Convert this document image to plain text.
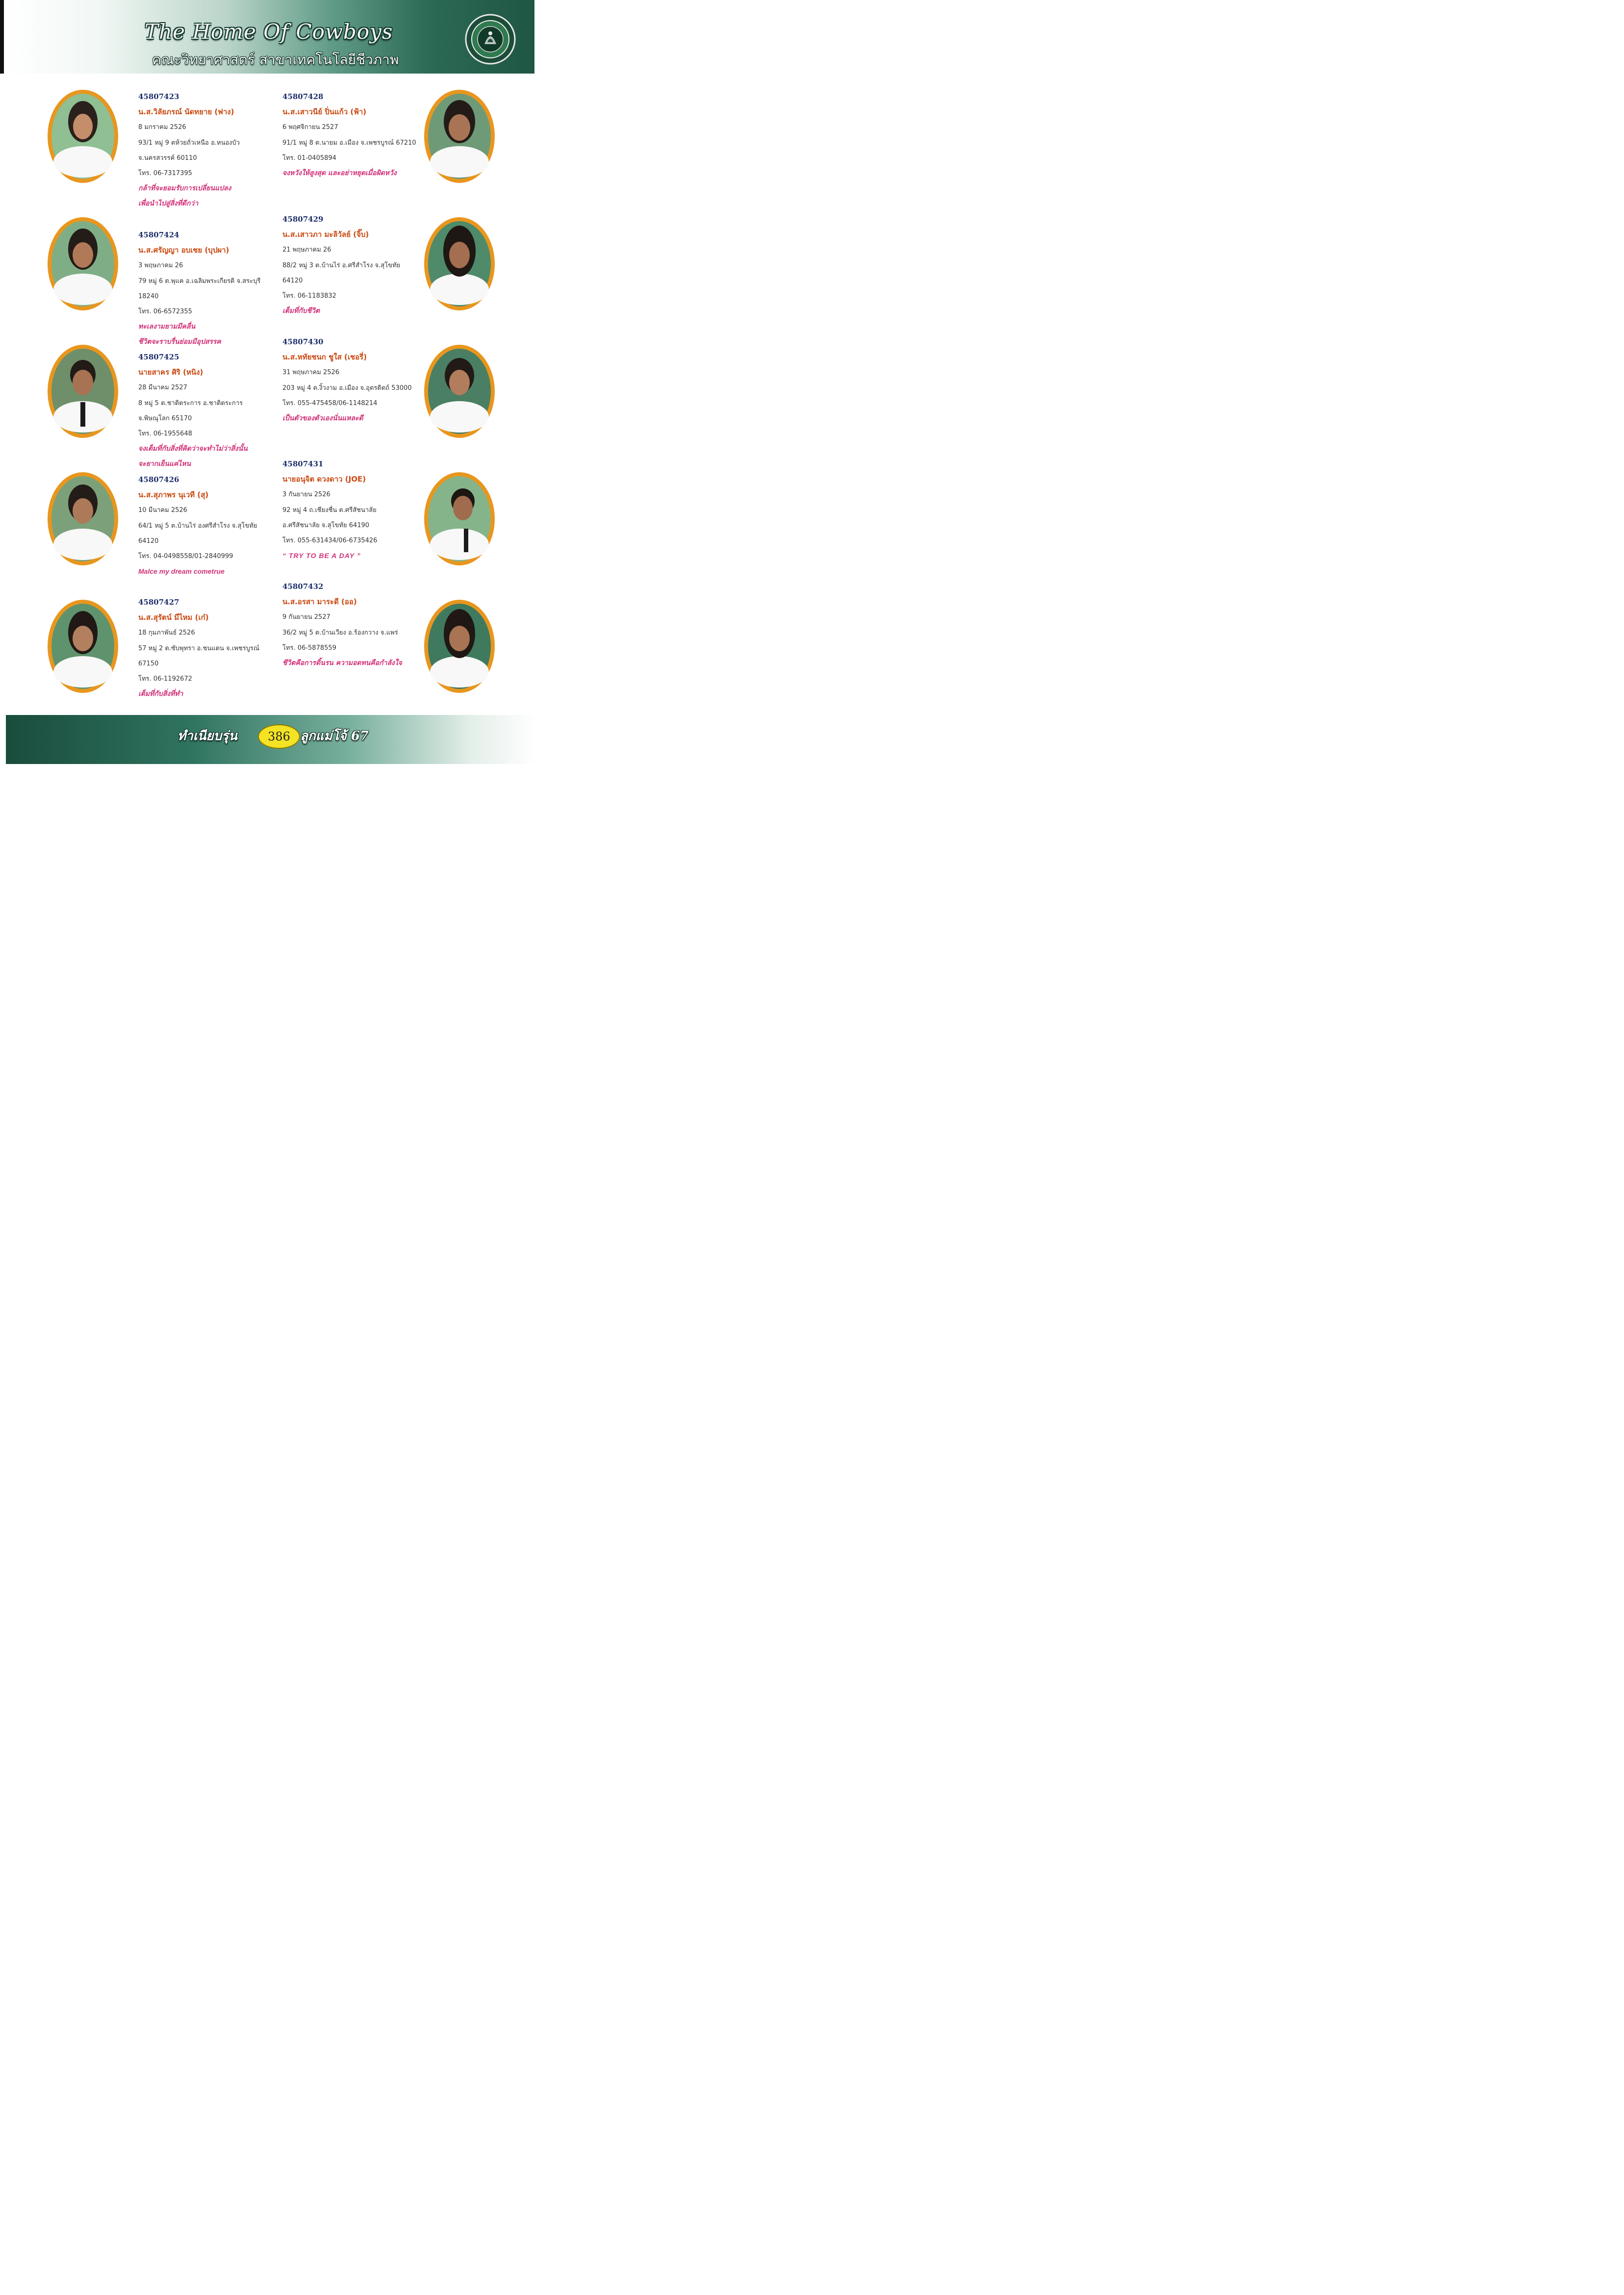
The Home Of Cowboys
คณะวิทยาศาสตร์ สาขาเทคโนโลยีชีวภาพ
45807423
น.ส.วิลัยภรณ์ นัดทยาย (ฟาง)
8 มกราคม 2526
93/1 หมู่ 9 ตห้วยถั่วเหนือ อ.หนองบัว
จ.นครสวรรค์ 60110
โทร. 06-7317395
กล้าที่จะยอมรับการเปลี่ยนแปลง
เพื่อนำไปสู่สิ่งที่ดีกว่า
45807424
น.ส.ศรัญญา อบเชย (บุปผา)
3 พฤษภาคม 26
79 หมู่ 6 ต.พุแค อ.เฉลิมพระเกียรติ จ.สระบุรี
18240
โทร. 06-6572355
ทะเลงามยามมีคลื่น
ชีวิตจะราบรื่นย่อมมีอุปสรรค
45807425
นายสาคร ศิริ (หนิง)
28 มีนาคม 2527
8 หมู่ 5 ต.ชาติตระการ อ.ชาติตระการ
จ.พิษณุโลก 65170
โทร. 06-1955648
จงเต็มที่กับสิ่งที่คิดว่าจะทำไม่ว่าสิ่งนั้น
จะยากเย็นแค่ไหน
45807426
น.ส.สุภาพร นุเวที (สุ)
10 มีนาคม 2526
64/1 หมู่ 5 ต.บ้านไร่ องศรีสำโรง จ.สุโขทัย
64120
โทร. 04-0498558/01-2840999
Malce my dream cometrue
45807427
น.ส.สุรัตน์ มีไหม (เก๋)
18 กุมภาพันธ์ 2526
57 หมู่ 2 ต.ซับพุทรา อ.ชนแดน จ.เพชรบูรณ์
67150
โทร. 06-1192672
เต็มที่กับสิ่งที่ทำ
45807428
น.ส.เสาวนีย์ ปิ่นแก้ว (ฟ้า)
6 พฤศจิกายน 2527
91/1 หมู่ 8 ต.นายม อ.เมือง จ.เพชรบูรณ์ 67210
โทร. 01-0405894
จงหวังให้สูงสุด และอย่าหยุดเมื่อผิดหวัง
45807429
น.ส.เสาวภา มะลิวัลย์ (จิ๊บ)
21 พฤษภาคม 26
88/2 หมู่ 3 ต.บ้านไร่ อ.ศรีสำโรง จ.สุโขทัย
64120
โทร. 06-1183832
เต็มที่กับชีวิต
45807430
น.ส.หทัยชนก ชูใส (เชอรี่)
31 พฤษภาคม 2526
203 หมู่ 4 ต.งิ้วงาม อ.เมือง จ.อุตรดิตถ์ 53000
โทร. 055-475458/06-1148214
เป็นตัวของตัวเองนั่นแหละดี
45807431
นายอนุจิต ดวงดาว (JOE)
3 กันยายน 2526
92 หมู่ 4 ถ.เชียงชื่น ต.ศรีสัชนาลัย
อ.ศรีสัชนาลัย จ.สุโขทัย 64190
โทร. 055-631434/06-6735426
“ TRY TO BE A DAY ”
45807432
น.ส.อรสา มาระดี (ออ)
9 กันยายน 2527
36/2 หมู่ 5 ต.บ้านเวียง อ.ร้องกวาง จ.แพร่
โทร. 06-5878559
ชีวิตคือการดิ้นรน ความอดทนคือกำลังใจ
ทำเนียบรุ่น	386 ลูกแม่โจ้ 67
